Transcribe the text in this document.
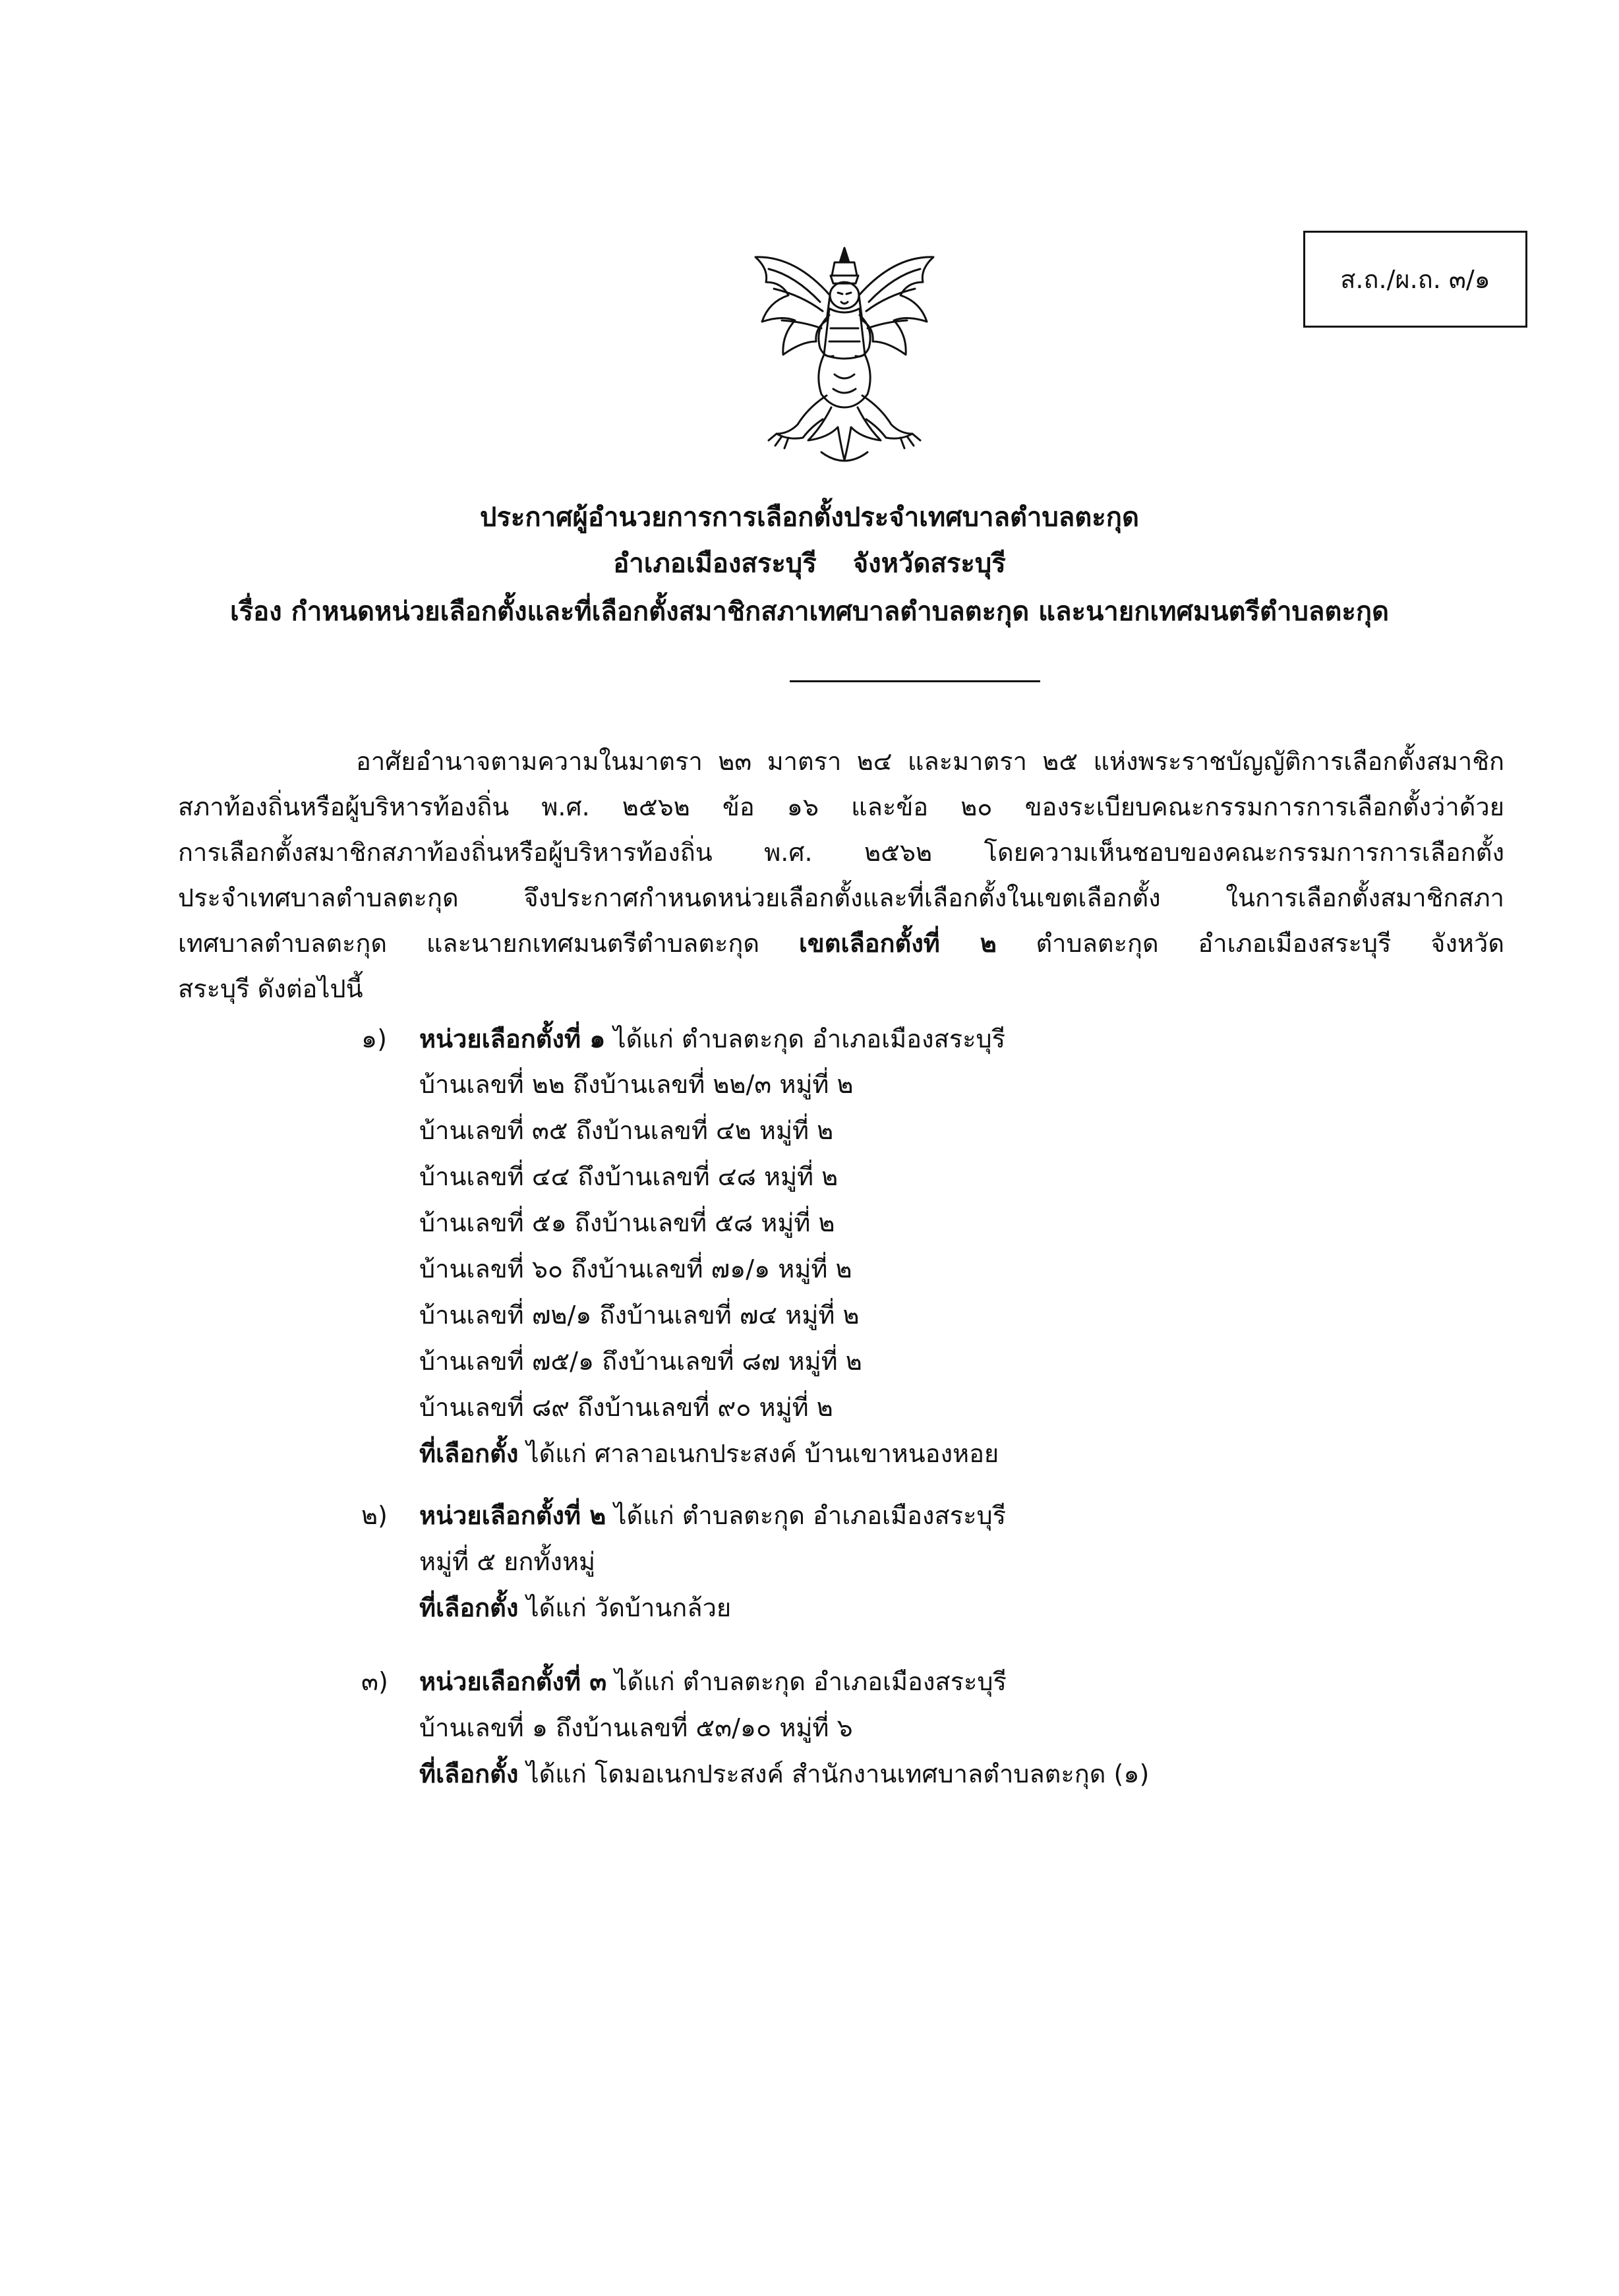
ส.ถ./ผ.ถ. ๓/๑
ประกาศผู้อำนวยการการเลือกตั้งประจำเทศบาลตำบลตะกุด
อำเภอเมืองสระบุรี จังหวัดสระบุรี
เรื่อง กำหนดหน่วยเลือกตั้งและที่เลือกตั้งสมาชิกสภาเทศบาลตำบลตะกุด และนายกเทศมนตรีตำบลตะกุด
อาศัยอำนาจตามความในมาตรา ๒๓ มาตรา ๒๔ และมาตรา ๒๕ แห่งพระราชบัญญัติการเลือกตั้งสมาชิก
สภาท้องถิ่นหรือผู้บริหารท้องถิ่น พ.ศ. ๒๕๖๒ ข้อ ๑๖ และข้อ ๒๐ ของระเบียบคณะกรรมการการเลือกตั้งว่าด้วย
การเลือกตั้งสมาชิกสภาท้องถิ่นหรือผู้บริหารท้องถิ่น พ.ศ. ๒๕๖๒ โดยความเห็นชอบของคณะกรรมการการเลือกตั้ง
ประจำเทศบาลตำบลตะกุด จึงประกาศกำหนดหน่วยเลือกตั้งและที่เลือกตั้งในเขตเลือกตั้ง ในการเลือกตั้งสมาชิกสภา
เทศบาลตำบลตะกุด และนายกเทศมนตรีตำบลตะกุด เขตเลือกตั้งที่ ๒ ตำบลตะกุด อำเภอเมืองสระบุรี จังหวัด
สระบุรี ดังต่อไปนี้
๑) หน่วยเลือกตั้งที่ ๑ ได้แก่ ตำบลตะกุด อำเภอเมืองสระบุรี
บ้านเลขที่ ๒๒ ถึงบ้านเลขที่ ๒๒/๓ หมู่ที่ ๒
บ้านเลขที่ ๓๕ ถึงบ้านเลขที่ ๔๒ หมู่ที่ ๒
บ้านเลขที่ ๔๔ ถึงบ้านเลขที่ ๔๘ หมู่ที่ ๒
บ้านเลขที่ ๕๑ ถึงบ้านเลขที่ ๕๘ หมู่ที่ ๒
บ้านเลขที่ ๖๐ ถึงบ้านเลขที่ ๗๑/๑ หมู่ที่ ๒
บ้านเลขที่ ๗๒/๑ ถึงบ้านเลขที่ ๗๔ หมู่ที่ ๒
บ้านเลขที่ ๗๕/๑ ถึงบ้านเลขที่ ๘๗ หมู่ที่ ๒
บ้านเลขที่ ๘๙ ถึงบ้านเลขที่ ๙๐ หมู่ที่ ๒
ที่เลือกตั้ง ได้แก่ ศาลาอเนกประสงค์ บ้านเขาหนองหอย
๒) หน่วยเลือกตั้งที่ ๒ ได้แก่ ตำบลตะกุด อำเภอเมืองสระบุรี
หมู่ที่ ๕ ยกทั้งหมู่
ที่เลือกตั้ง ได้แก่ วัดบ้านกล้วย
๓) หน่วยเลือกตั้งที่ ๓ ได้แก่ ตำบลตะกุด อำเภอเมืองสระบุรี
บ้านเลขที่ ๑ ถึงบ้านเลขที่ ๕๓/๑๐ หมู่ที่ ๖
ที่เลือกตั้ง ได้แก่ โดมอเนกประสงค์ สำนักงานเทศบาลตำบลตะกุด (๑)
